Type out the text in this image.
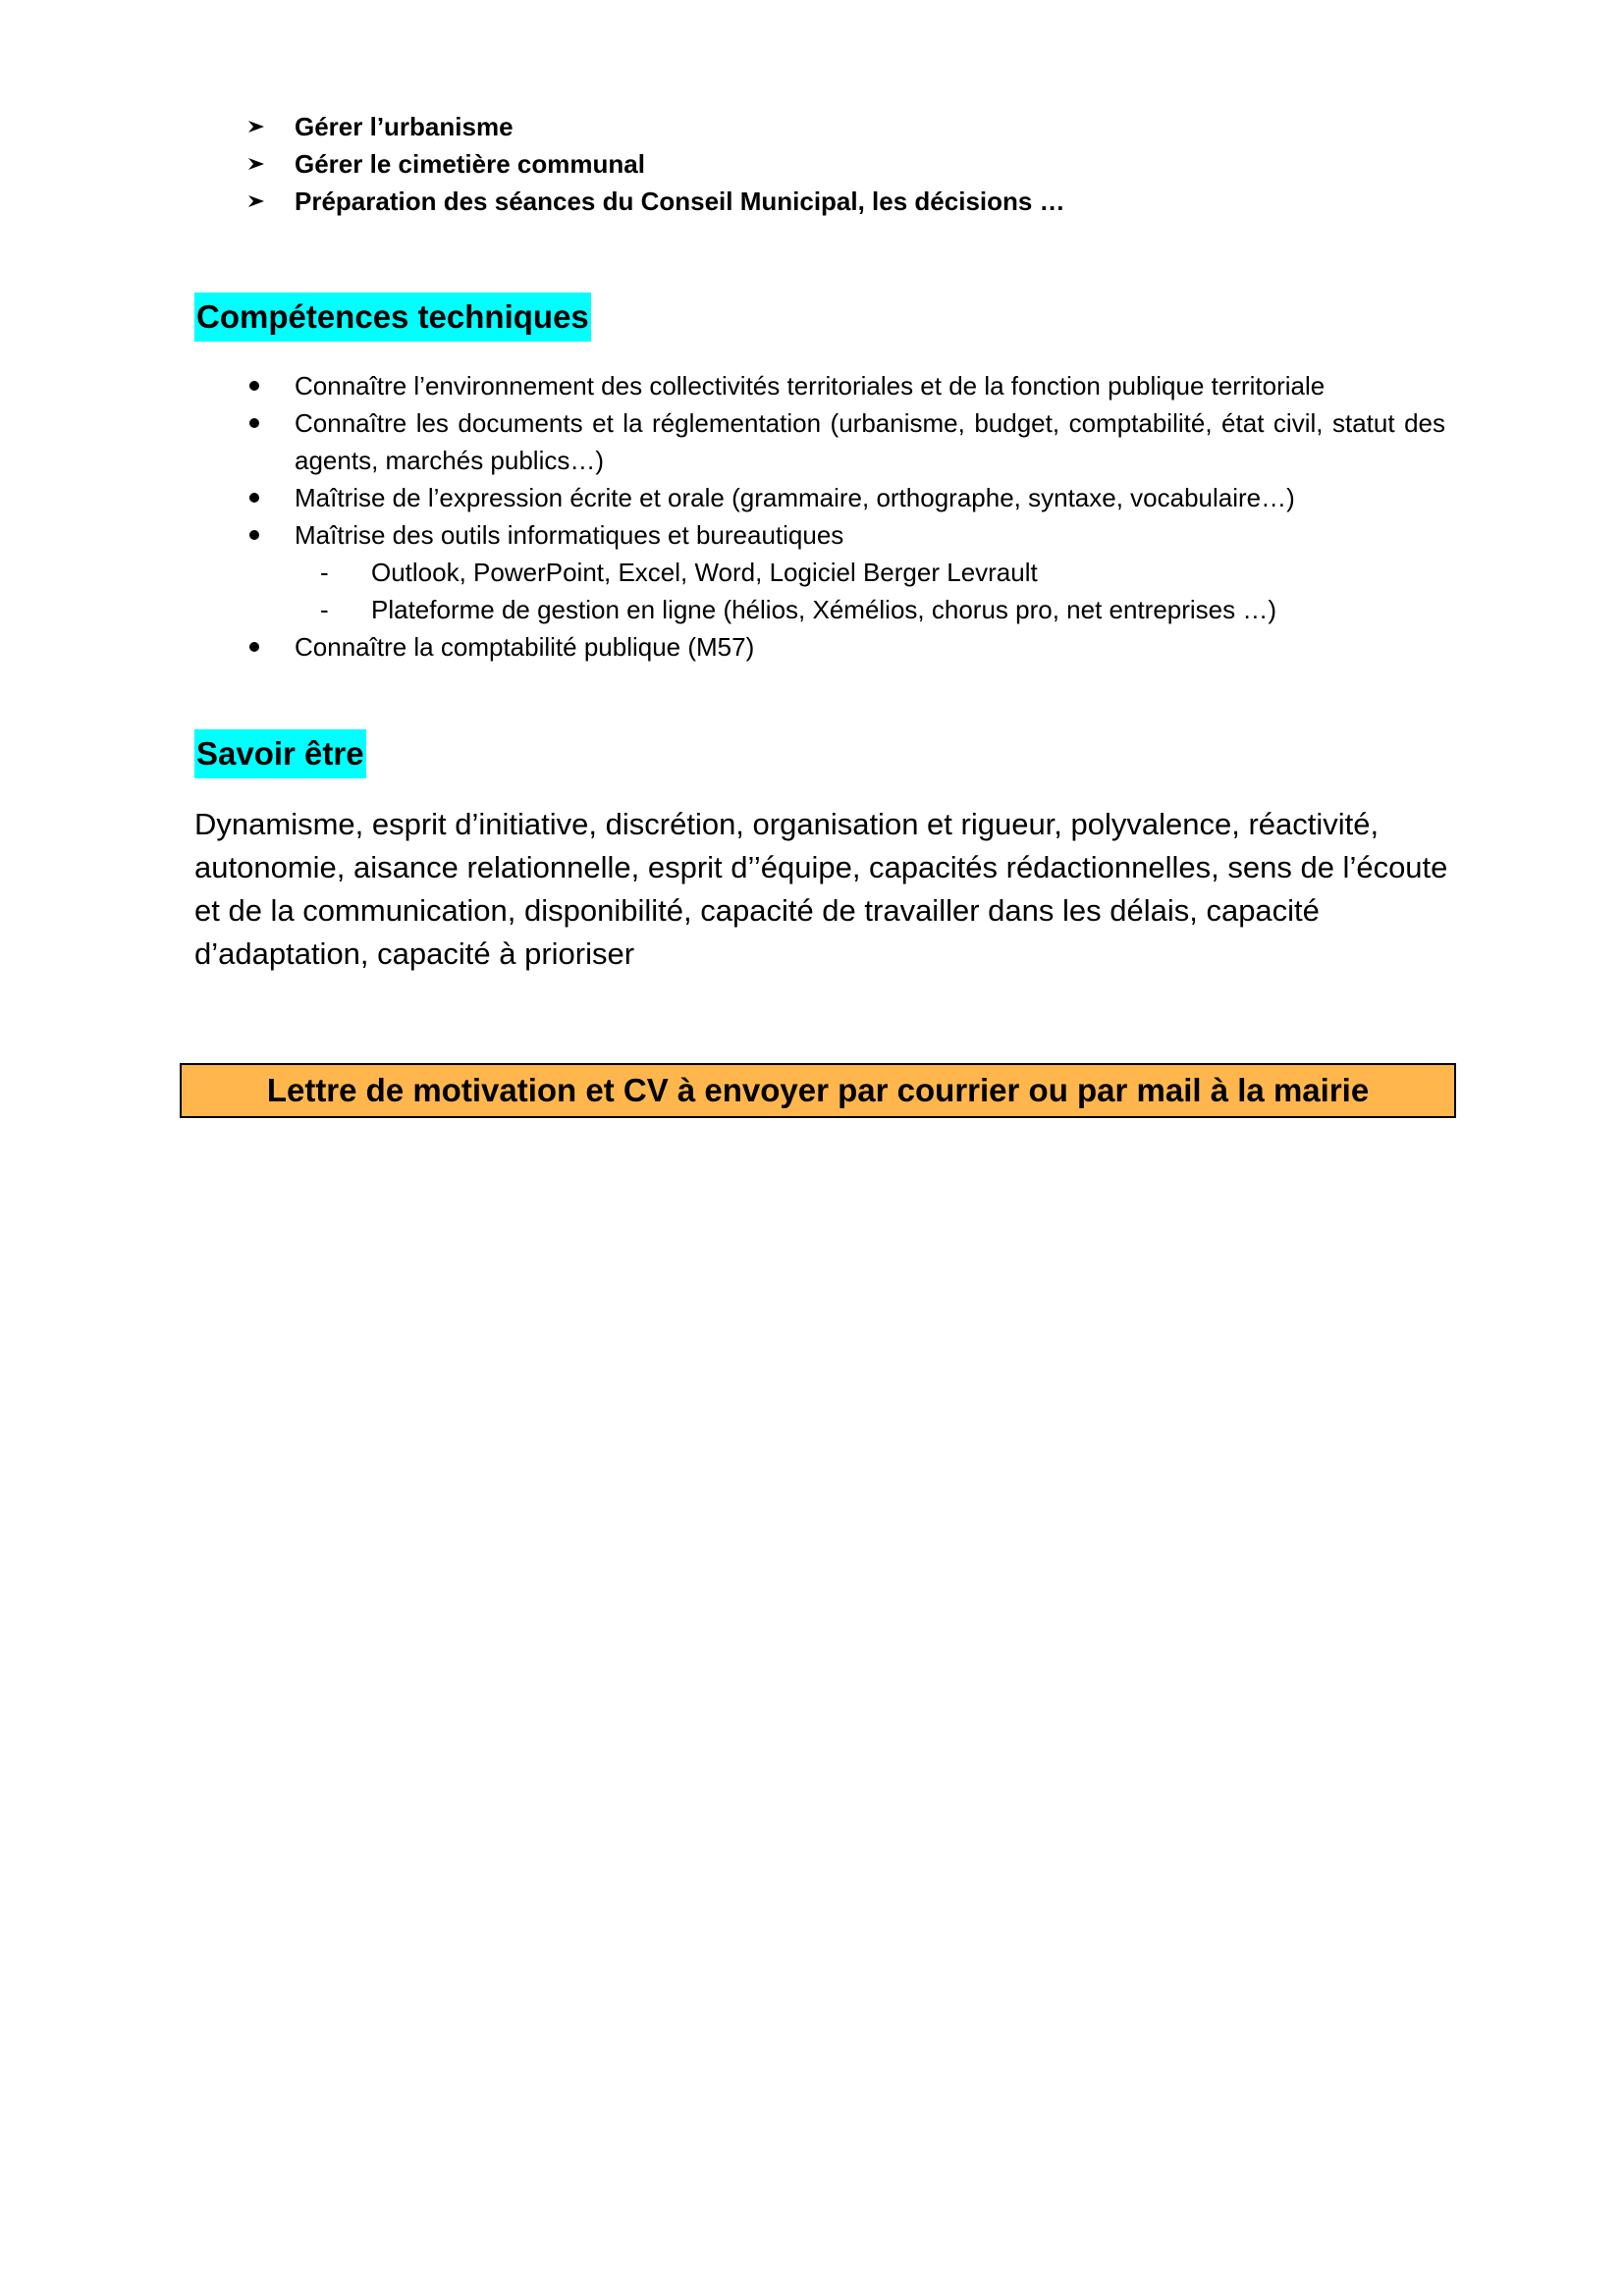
Gérer l’urbanisme
Gérer le cimetière communal
Préparation des séances du Conseil Municipal, les décisions …
Compétences techniques
Connaître l’environnement des collectivités territoriales et de la fonction publique territoriale
Connaître les documents et la réglementation (urbanisme, budget, comptabilité, état civil, statut des agents, marchés publics…)
Maîtrise de l’expression écrite et orale (grammaire, orthographe, syntaxe, vocabulaire…)
Maîtrise des outils informatiques et bureautiques
- Outlook, PowerPoint, Excel, Word, Logiciel Berger Levrault
- Plateforme de gestion en ligne (hélios, Xémélios, chorus pro, net entreprises …)
Connaître la comptabilité publique (M57)
Savoir être

Dynamisme, esprit d’initiative, discrétion, organisation et rigueur, polyvalence, réactivité, autonomie, aisance relationnelle, esprit d’’équipe, capacités rédactionnelles, sens de l’écoute et de la communication, disponibilité, capacité de travailler dans les délais, capacité d’adaptation, capacité à prioriser

Lettre de motivation et CV à envoyer par courrier ou par mail à la mairie
